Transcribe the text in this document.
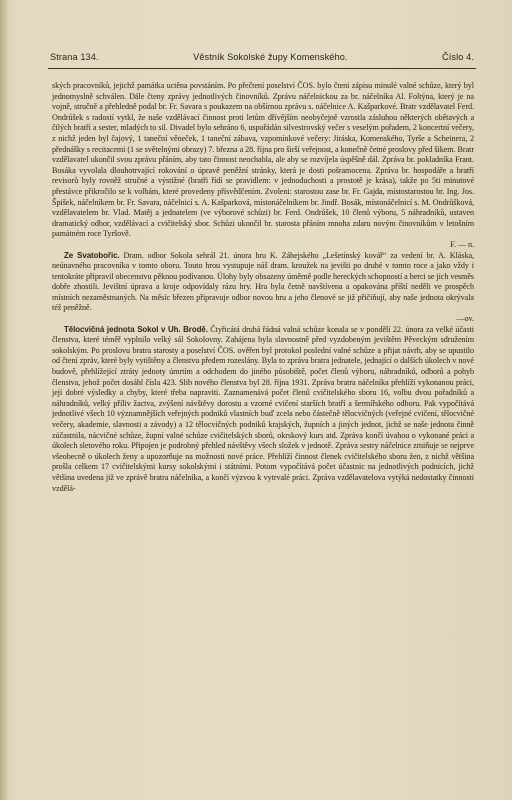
Strana 134.	Věstník Sokolské župy Komenského.	Číslo 4.

ských pracovníků, jejichž památka uctěna povstáním. Po přečtení poselství ČOS. bylo čteni zápisu minulé valné schůze, který byl jednomyslně schválen. Dále čteny zprávy jednotlivých činovníků. Zprávu náčelnickou za br. náčelníka Al. Foltýna, který je na vojně, stručně a přehledně podal br. Fr. Savara s poukazem na obšírnou zprávu s. náčelnice A. Kašparkové. Bratr vzdělavatel Ferd. Ondrůšek s radostí vytkl, že naše vzdělávací činnost proti letům dřívějším neobyčejně vzrostla zásluhou některých obětavých a čilých bratří a sester, mladých to sil. Divadel bylo sehráno 6, uspořádán silvestrovský večer s veselým pořadem, 2 koncertní večery, z nichž jeden byl čajový, 1 taneční věneček, 1 taneční zábava, vzpomínkové večery: Jiráska, Komenského, Tyrše a Scheinera, 2 přednášky s recitacemi (1 se světelnými obrazy) 7. března a 28. října pro širší veřejnost, a konečně četné proslovy před šikem. Bratr vzdělavatel ukončil svou zprávu přáním, aby tato činnost neochabla, ale aby se rozvíjela úspěšně dál. Zpráva br. pokladníka Frant. Bosáka vyvolala dlouhotrvající rokování o úpravě peněžní stránky, která je dosti pošramocena. Zpráva br. hospodáře a bratří revisorů byly rovněž stručné a výstižné (bratři řídí se pravidlem: v jednoduchosti a prostotě je krása), takže po 5ti minutové přestávce přikročilo se k volbám, které provedeny přísvědčením. Zvoleni: starostou zase br. Fr. Gajda, místostarostou br. Ing. Jos. Špišek, náčelníkem br. Fr. Savara, náčelnicí s. A. Kašparková, místonáčelníkem br. Jindř. Bosák, místonáčelnicí s. M. Ondrůšková, vzdělavatelem br. Vlad. Matěj a jednatelem (ve výborové schůzi) br. Ferd. Ondrůšek, 10 členů výboru, 5 náhradníků, ustaven dramatický odbor, vzdělávací a cvičitelský sbor. Schůzi ukončil br. starosta přáním mnoha zdaru novým činovníkům v letošním památném roce Tyršově.

F. — n.

Ze Svatobořic. Dram. odbor Sokola sehrál 21. února hru K. Záhejského „Lešetínský kovář“ za vedení br. A. Kláska, neúnavného pracovníka v tomto oboru. Touto hrou vystupuje náš dram. kroužek na jevišti po druhé v tomto roce a jako vždy i tentokráte připravil obecenstvu pěknou podívanou. Úlohy byly obsazeny úměrně podle hereckých schopností a herci se jich vesměs dobře zhostili. Jevištní úprava a kroje odpovídaly rázu hry. Hra byla četně navštívena a opakována příští neděli ve prospěch místních nezaměstnaných. Na měsíc březen připravuje odbor novou hru a jeho členové se již přičiňují, aby naše jednota okrývala též peněžně.

—ov.

Tělocvičná jednota Sokol v Uh. Brodě. Čtyřicátá druhá řádná valná schůze konala se v pondělí 22. února za velké účasti členstva, které téměř vyplnilo velký sál Sokolovny. Zahájena byla slavnostně před vyzdobeným jevištěm Pěveckým sdružením sokolským. Po proslovu bratra starosty a poselství ČOS. ověřen byl protokol poslední valné schůze a přijat návrh, aby se upustilo od čtení zpráv, které byly vytištěny a členstvu předem rozeslány. Byla to zpráva bratra jednatele, jednající o dalších úkolech v nové budově, přehlížející ztráty jednoty úmrtím a odchodem do jiného působiště, počet členů výboru, náhradníků, odborů a pohyb členstva, jehož počet dosáhl čísla 423. Slib nového členstva byl 28. října 1931. Zpráva bratra náčelníka přehlíží vykonanou práci, její dobré výsledky a chyby, které třeba napraviti. Zaznamenává počet členů cvičitelského sboru 16, volbu dvou pořadníků a náhradníků, velký příliv žactva, zvýšení návštěvy dorostu a vzorné cvičení starších bratří a šermířského odboru. Pak vypočítává jednotlivé všech 10 významnějších veřejných podniků vlastních buď zcela nebo částečně tělocvičných (veřejné cvičení, tělocvičné večery, akademie, slavnosti a závody) a 12 tělocvičných podniků krajských, župních a jiných jednot, jichž se naše jednota činně zúčastnila, nácvičné schůze, župní valné schůze cvičitelských sborů, okrskový kurs atd. Zpráva končí úvahou o vykonané práci a úkolech sletového roku. Připojen je podrobný přehled návštěvy všech složek v jednotě. Zpráva sestry náčelnice zmiňuje se nejprve všeobecně o úkolech ženy a upozorňuje na možnosti nové práce. Přehlíží činnost členek cvičitelského sboru žen, z nichž většina prošla celkem 17 cvičitelskými kursy sokolskými i státními. Potom vypočítává počet účastnic na jednotlivých podnicích, jichž většina uvedena již ve zprávě bratra náčelníka, a končí výzvou k vytrvalé práci. Zpráva vzdělavatelova vytýká nedostatky činnosti vzdělá-
